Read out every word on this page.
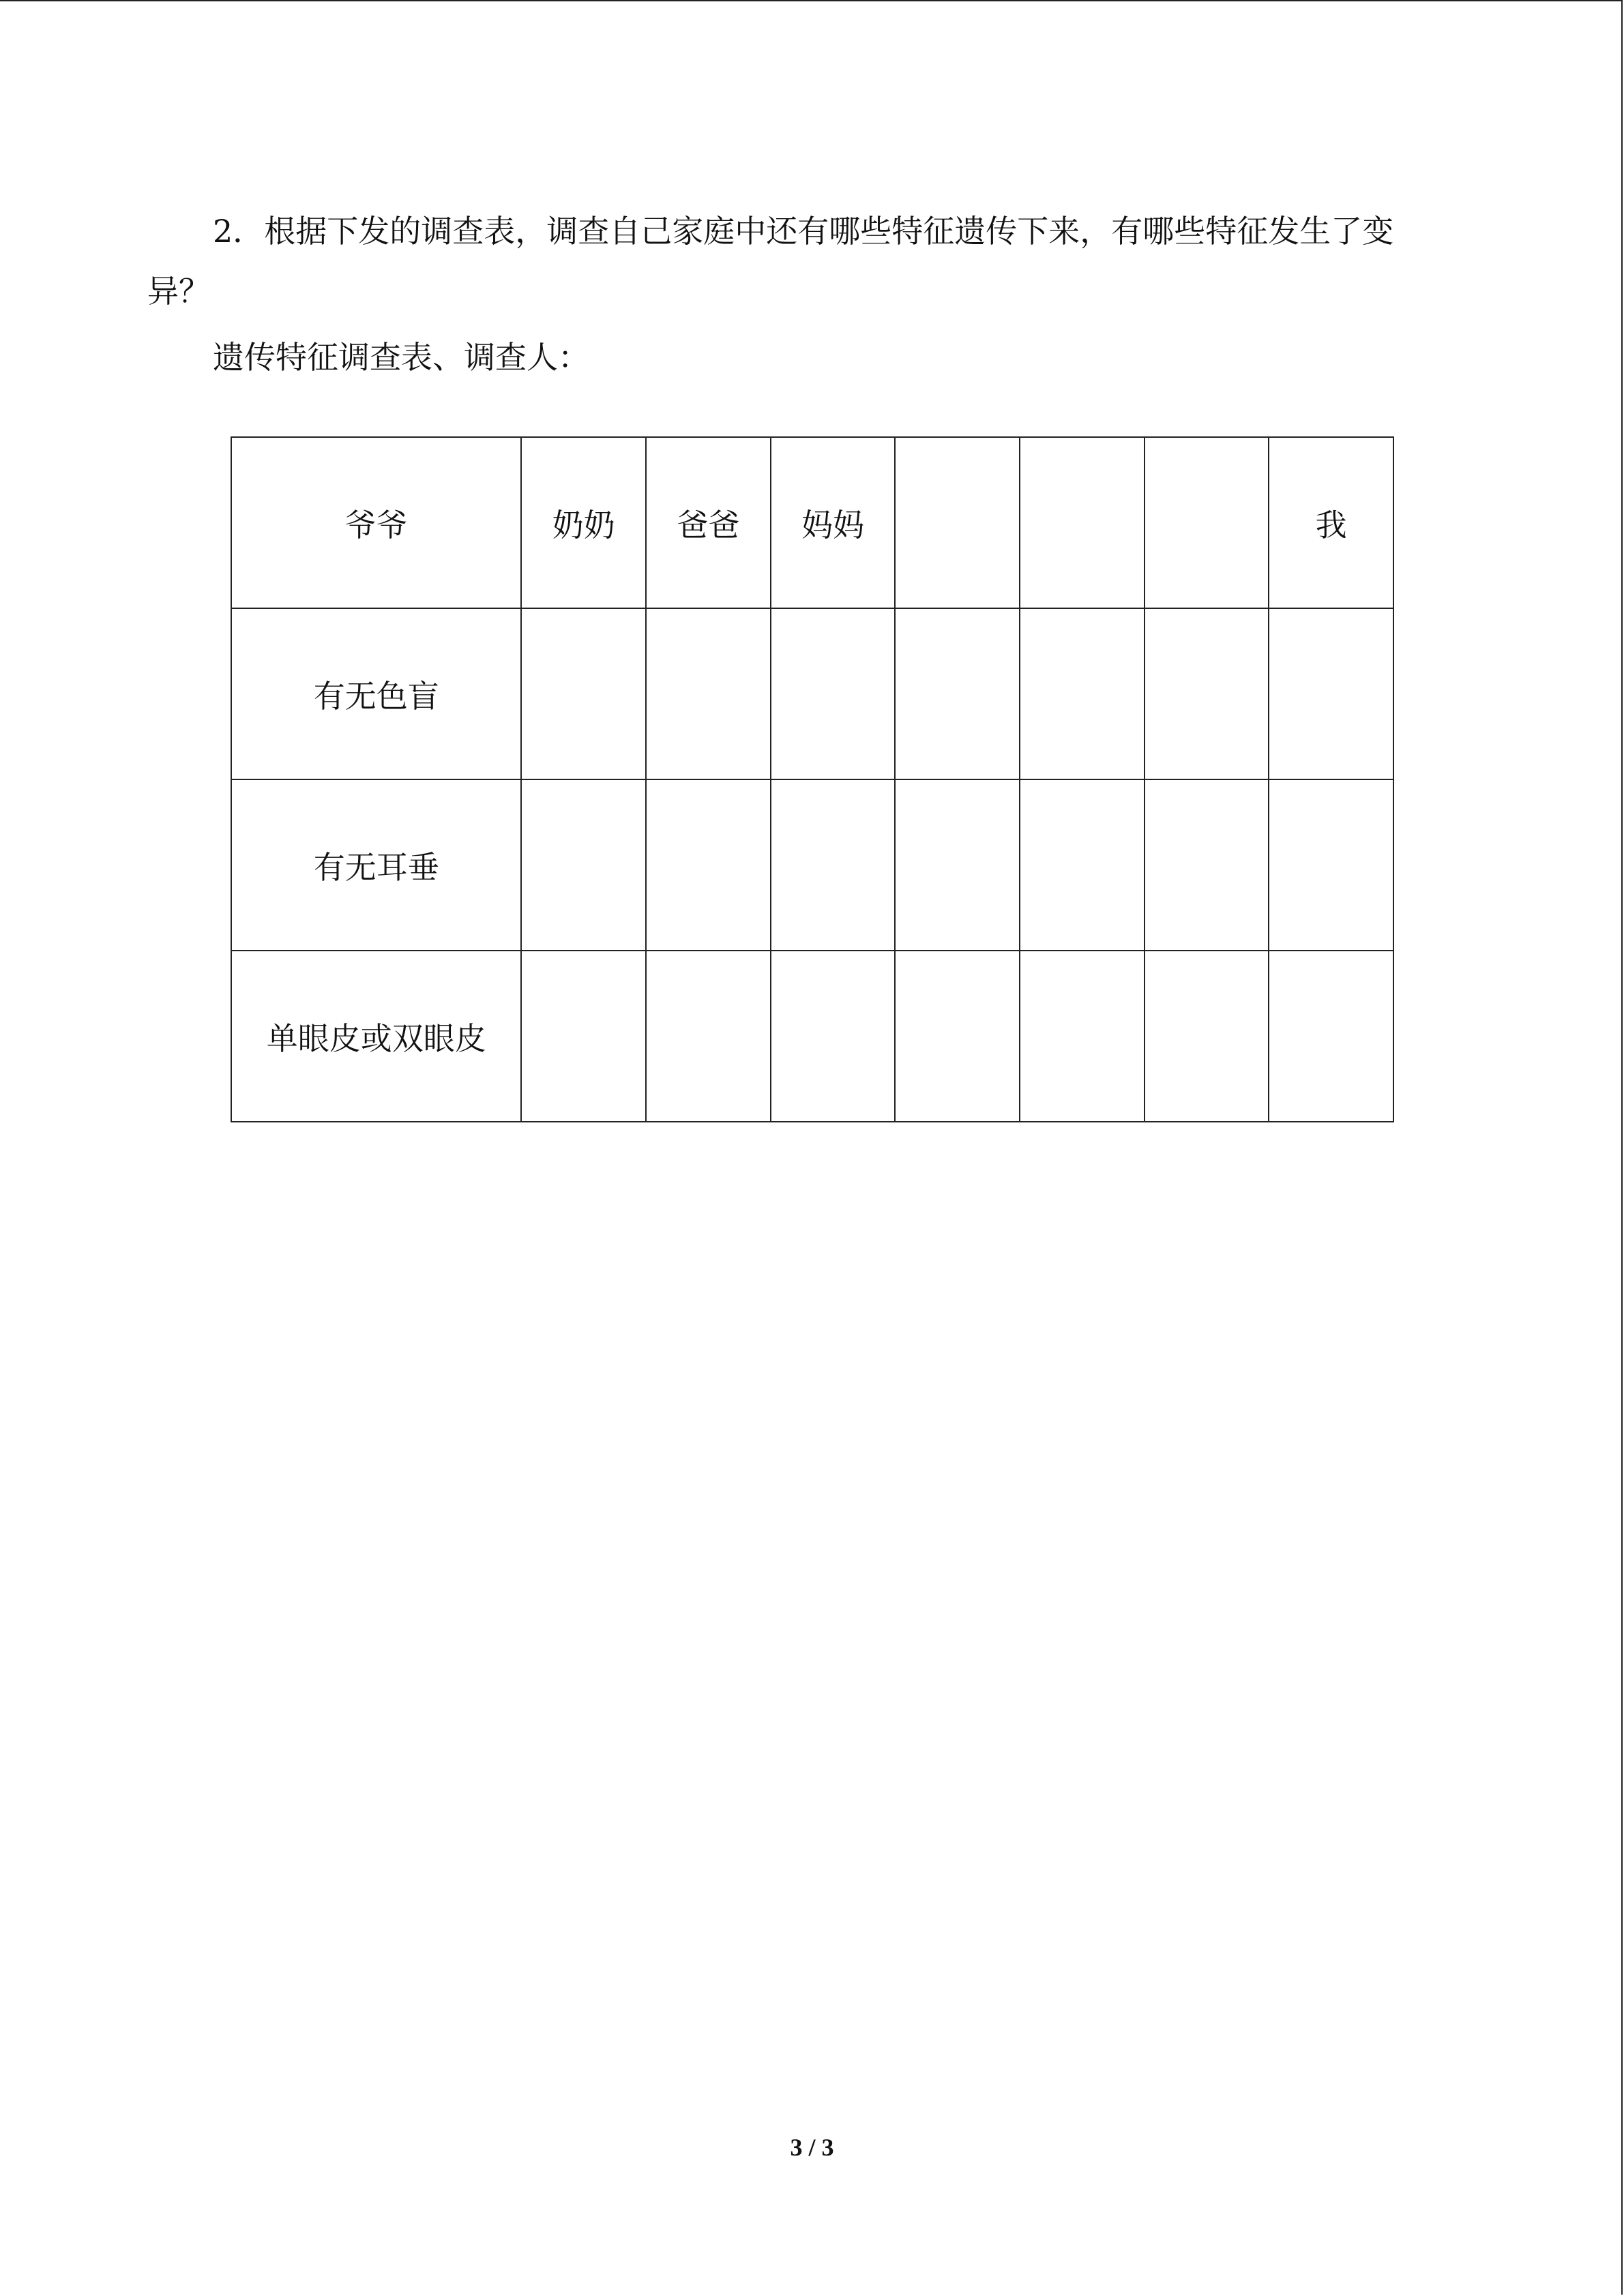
2．根据下发的调查表，调查自己家庭中还有哪些特征遗传下来，有哪些特征发生了变异？

遗传特征调查表、调查人：

爷爷	奶奶	爸爸	妈妈				我
有无色盲							
有无耳垂							
单眼皮或双眼皮							
3 / 3
